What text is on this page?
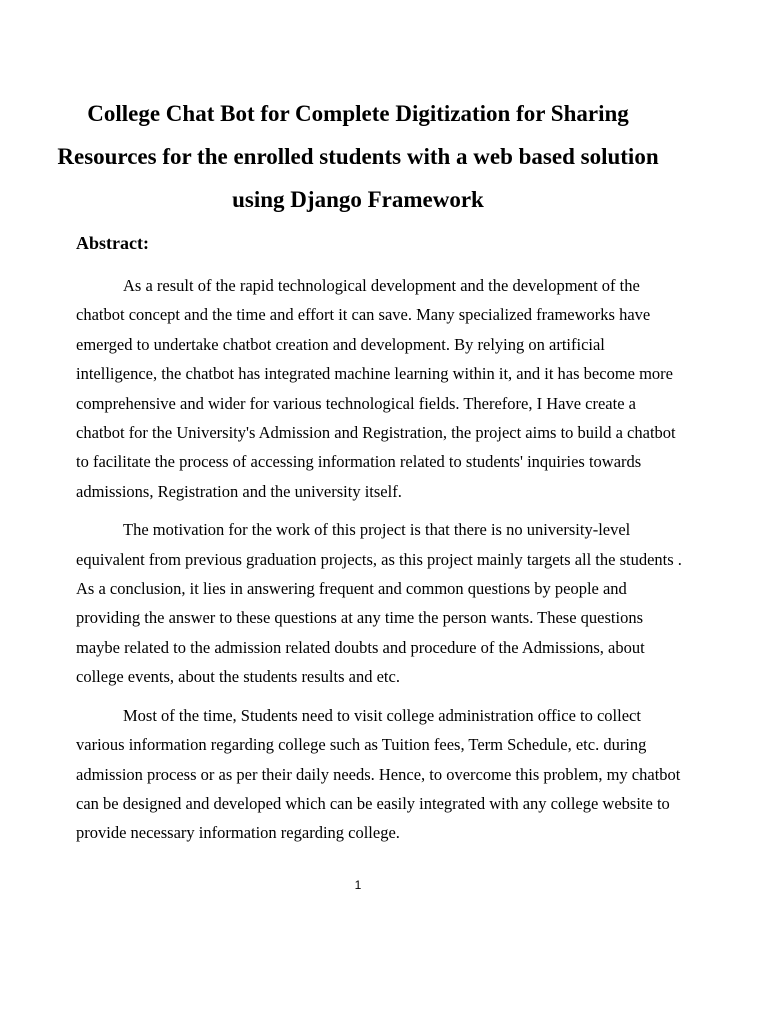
College Chat Bot for Complete Digitization for Sharing Resources for the enrolled students with a web based solution using Django Framework
Abstract:

As a result of the rapid technological development and the development of the chatbot concept and the time and effort it can save. Many specialized frameworks have emerged to undertake chatbot creation and development. By relying on artificial intelligence, the chatbot has integrated machine learning within it, and it has become more comprehensive and wider for various technological fields. Therefore, I Have create a chatbot for the University's Admission and Registration, the project aims to build a chatbot to facilitate the process of accessing information related to students' inquiries towards admissions, Registration and the university itself.

The motivation for the work of this project is that there is no university-level equivalent from previous graduation projects, as this project mainly targets all the students . As a conclusion, it lies in answering frequent and common questions by people and providing the answer to these questions at any time the person wants. These questions maybe related to the admission related doubts and procedure of the Admissions, about college events, about the students results and etc.

Most of the time, Students need to visit college administration office to collect various information regarding college such as Tuition fees, Term Schedule, etc. during admission process or as per their daily needs. Hence, to overcome this problem, my chatbot can be designed and developed which can be easily integrated with any college website to provide necessary information regarding college.

1
